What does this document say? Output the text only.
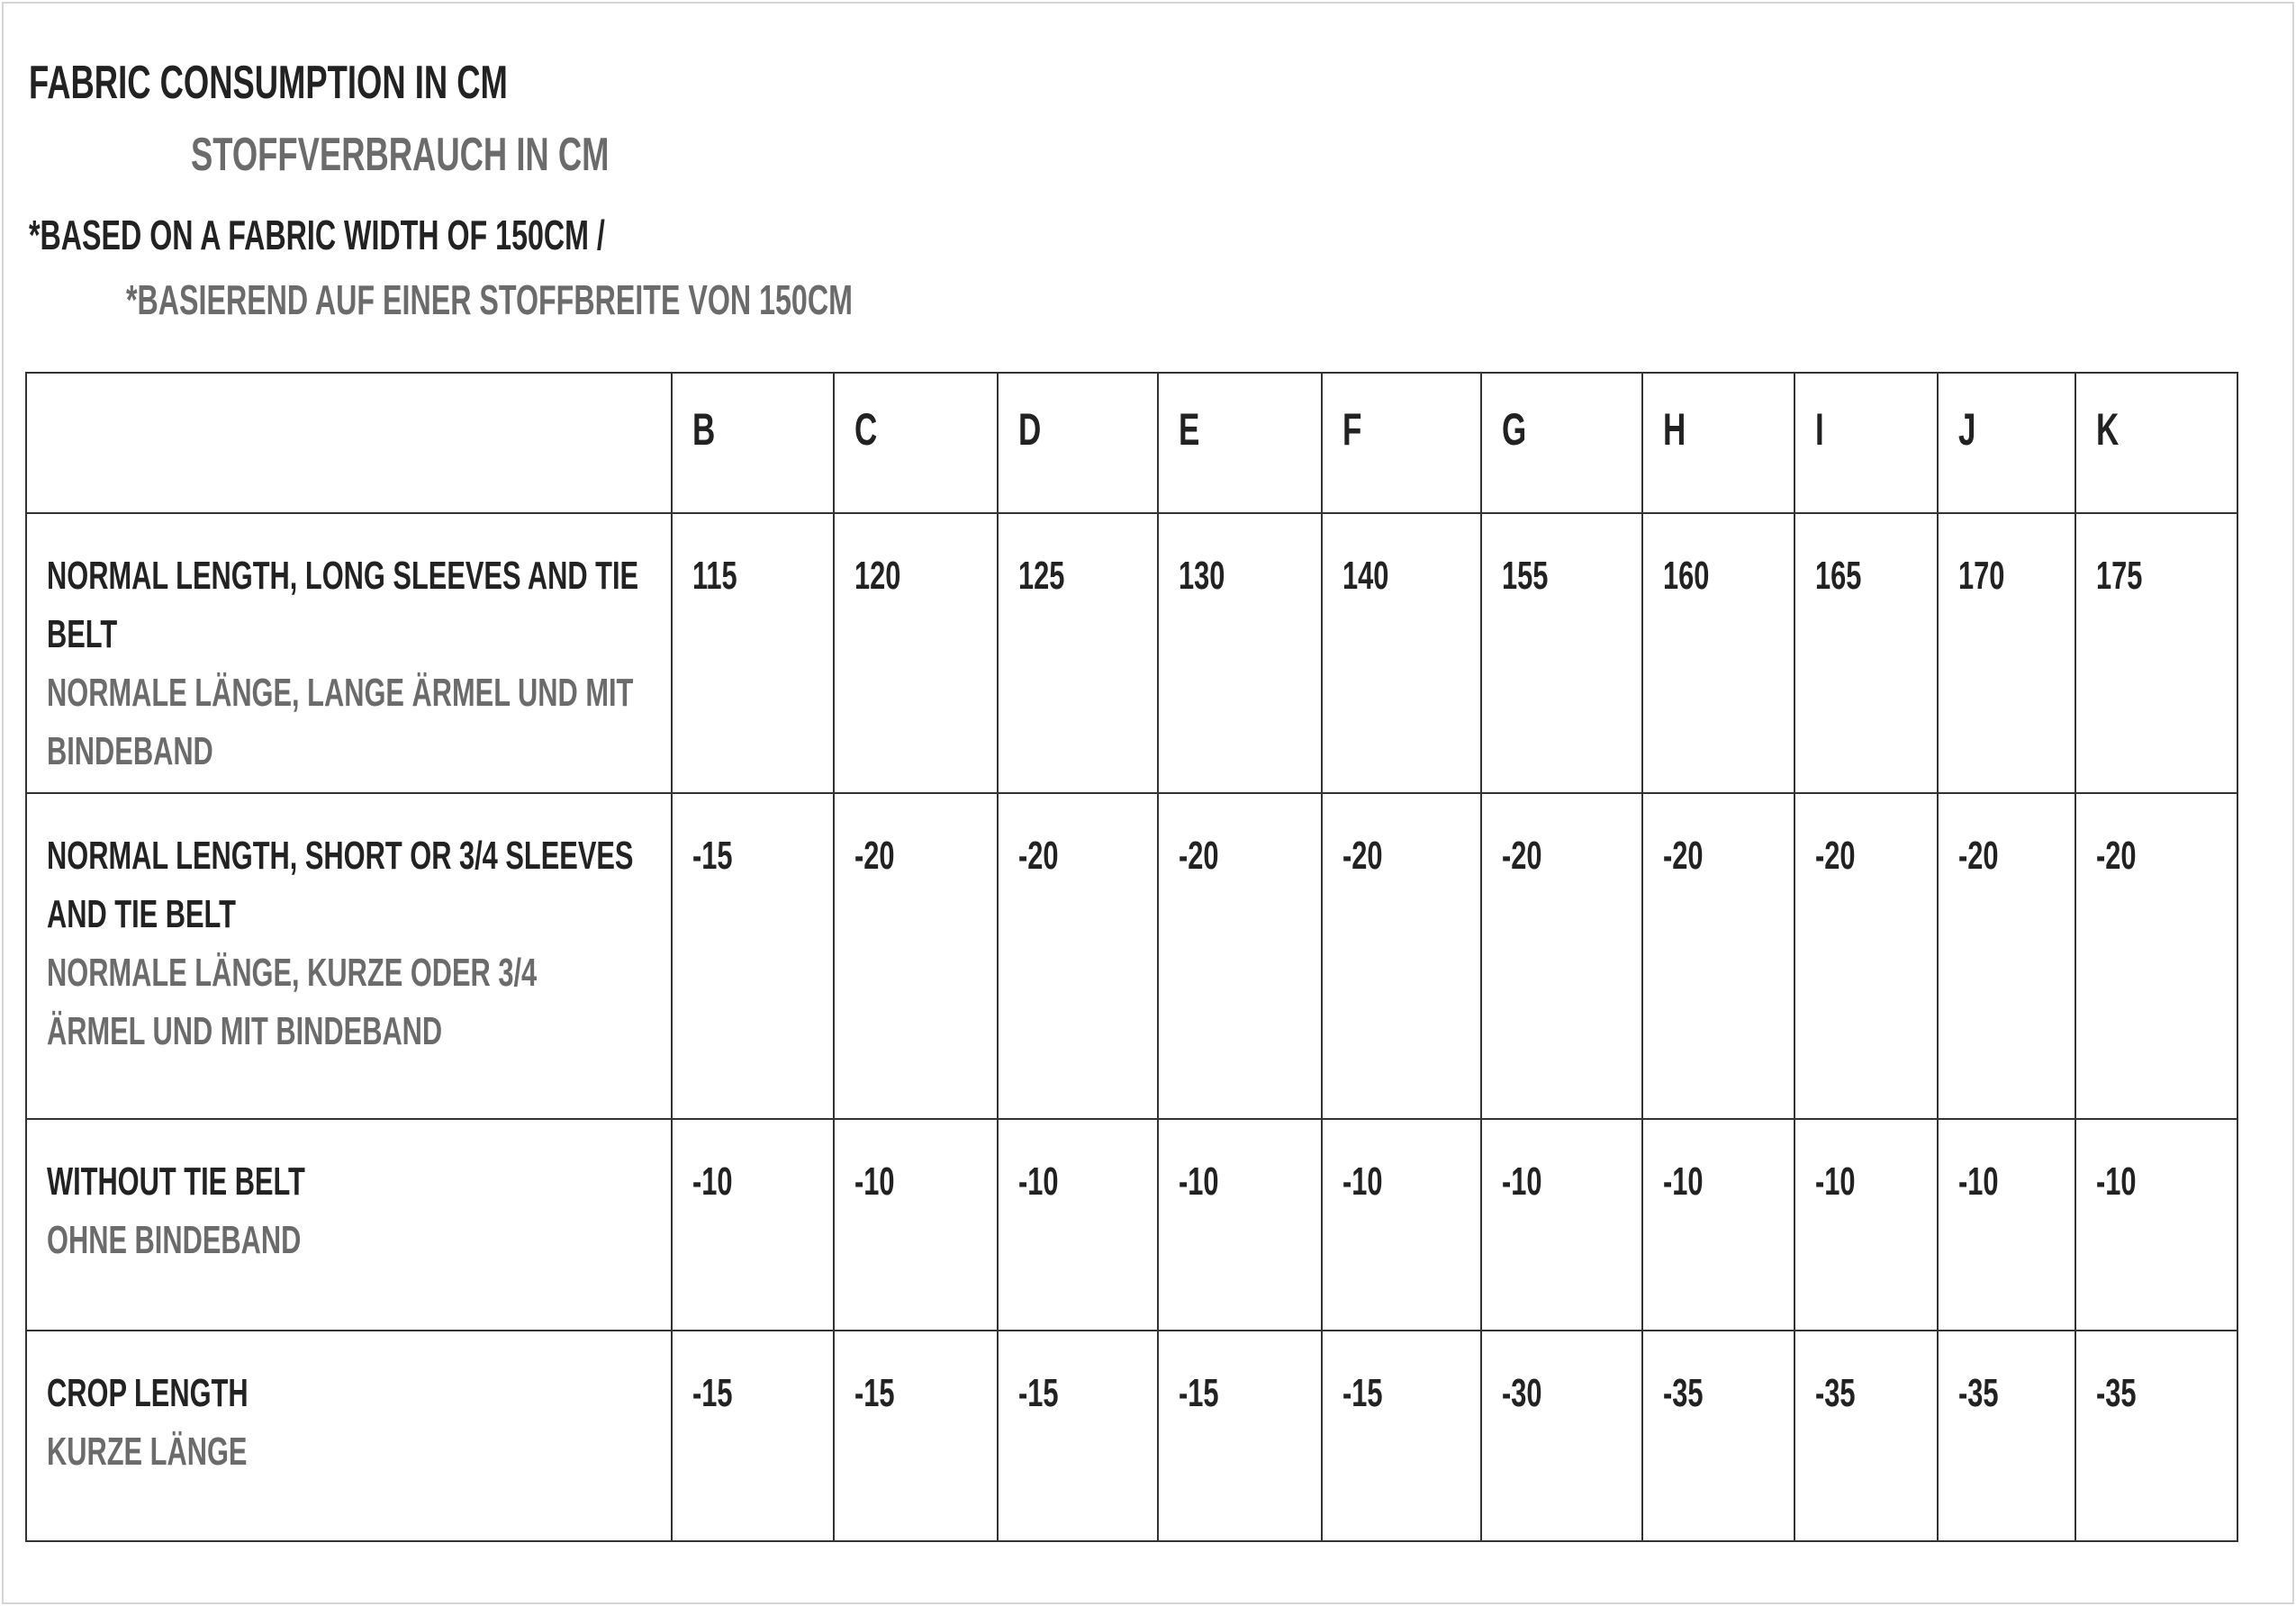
FABRIC CONSUMPTION IN CM
STOFFVERBRAUCH IN CM
*BASED ON A FABRIC WIDTH OF 150CM /
*BASIEREND AUF EINER STOFFBREITE VON 150CM
	B	C	D	E	F	G	H	I	J	K

NORMAL LENGTH, LONG SLEEVES AND TIE BELT
NORMALE LÄNGE, LANGE ÄRMEL UND MIT BINDEBAND	115	120	125	130	140	155	160	165	170	175

NORMAL LENGTH, SHORT OR 3/4 SLEEVES AND TIE BELT
NORMALE LÄNGE, KURZE ODER 3/4 ÄRMEL UND MIT BINDEBAND	-15	-20	-20	-20	-20	-20	-20	-20	-20	-20

WITHOUT TIE BELT
OHNE BINDEBAND	-10	-10	-10	-10	-10	-10	-10	-10	-10	-10

CROP LENGTH
KURZE LÄNGE	-15	-15	-15	-15	-15	-30	-35	-35	-35	-35
